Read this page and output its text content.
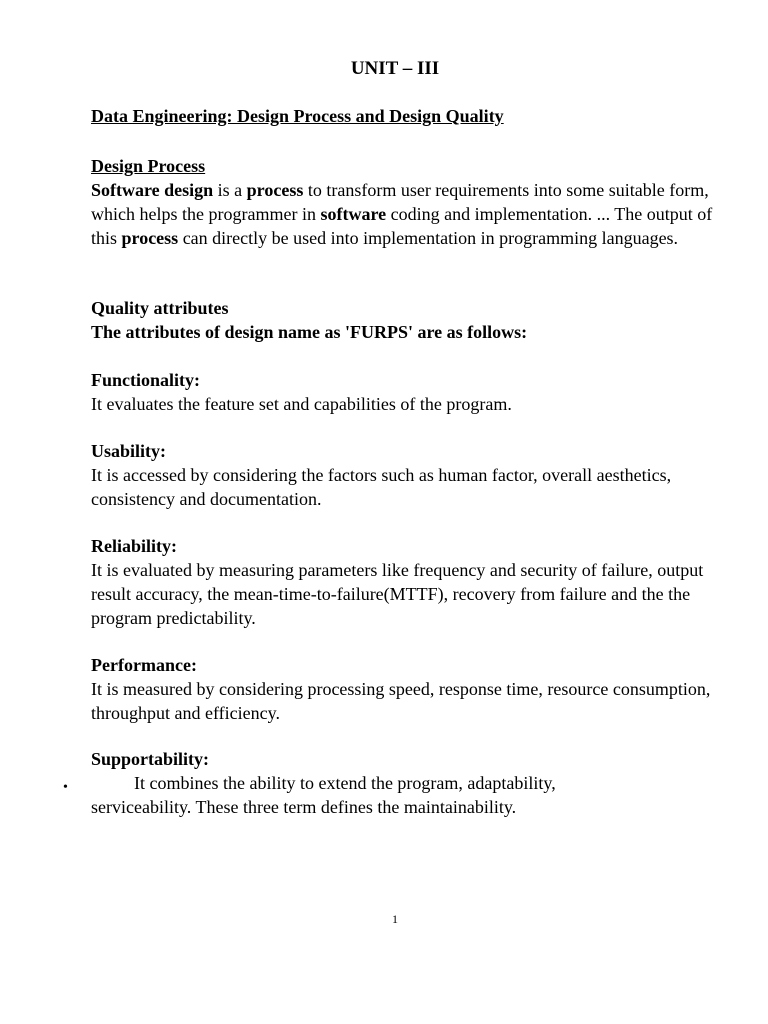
UNIT – III
Data Engineering: Design Process and Design Quality
Design Process
Software design is a process to transform user requirements into some suitable form, which helps the programmer in software coding and implementation. ... The output of this process can directly be used into implementation in programming languages.
Quality attributes
The attributes of design name as 'FURPS' are as follows:
Functionality:
It evaluates the feature set and capabilities of the program.
Usability:
It is accessed by considering the factors such as human factor, overall aesthetics, consistency and documentation.
Reliability:
It is evaluated by measuring parameters like frequency and security of failure, output result accuracy, the mean-time-to-failure(MTTF), recovery from failure and the the program predictability.
Performance:
It is measured by considering processing speed, response time, resource consumption, throughput and efficiency.
Supportability:
•	It combines the ability to extend the program, adaptability,
serviceability. These three term defines the maintainability.
1
